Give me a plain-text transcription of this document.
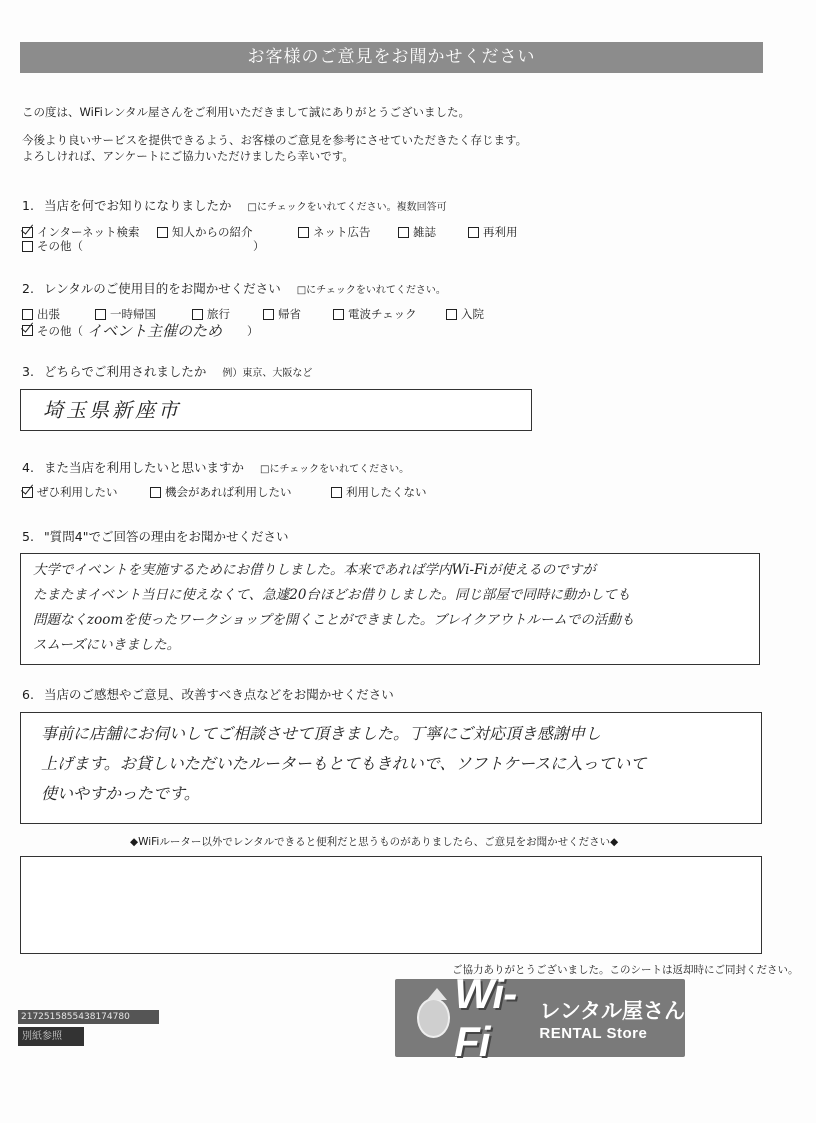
お客様のご意見をお聞かせください
この度は、WiFiレンタル屋さんをご利用いただきまして誠にありがとうございました。
今後より良いサービスを提供できるよう、お客様のご意見を参考にさせていただきたく存じます。
よろしければ、アンケートにご協力いただけましたら幸いです。
1. 当店を何でお知りになりましたか □にチェックをいれてください。複数回答可
インターネット検索	知人からの紹介	ネット広告	雑誌	再利用
その他（	）
2. レンタルのご使用目的をお聞かせください □にチェックをいれてください。
出張	一時帰国	旅行	帰省	電波チェック	入院
その他（ イベント主催のため	）
3. どちらでご利用されましたか 例）東京、大阪など
埼玉県新座市
4. また当店を利用したいと思いますか □にチェックをいれてください。
ぜひ利用したい	機会があれば利用したい	利用したくない
5. "質問4"でご回答の理由をお聞かせください
大学でイベントを実施するためにお借りしました。本来であれば学内Wi-Fiが使えるのですが
たまたまイベント当日に使えなくて、急遽20台ほどお借りしました。同じ部屋で同時に動かしても
問題なくzoomを使ったワークショップを開くことができました。ブレイクアウトルームでの活動も
スムーズにいきました。
6. 当店のご感想やご意見、改善すべき点などをお聞かせください
事前に店舗にお伺いしてご相談させて頂きました。丁寧にご対応頂き感謝申し
上げます。お貸しいただいたルーターもとてもきれいで、ソフトケースに入っていて
使いやすかったです。
◆WiFiルーター以外でレンタルできると便利だと思うものがありましたら、ご意見をお聞かせください◆
ご協力ありがとうございました。このシートは返却時にご同封ください。
2172515855438174780
別紙参照
Wi-Fi
レンタル屋さん
RENTAL Store
